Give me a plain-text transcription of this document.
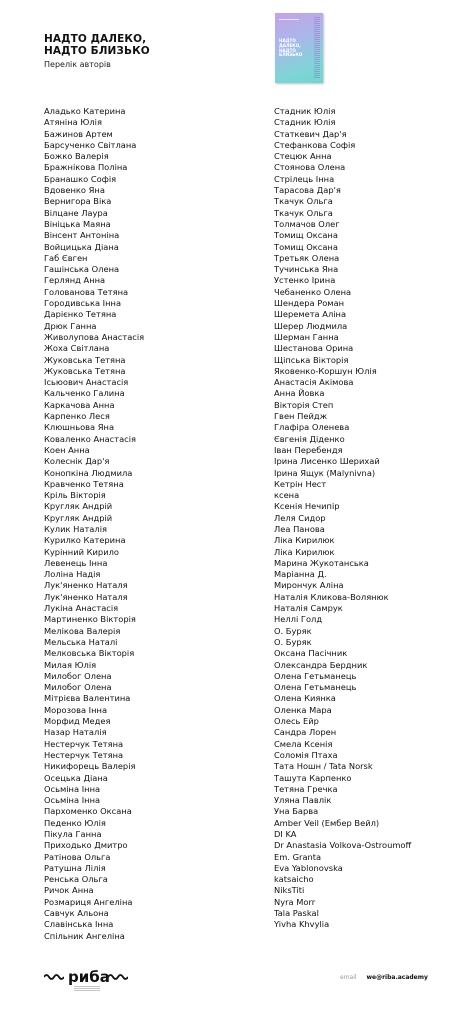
НАДТО ДАЛЕКО,
НАДТО БЛИЗЬКО
Перелік авторів
НАДТО ДАЛЕКО, НАДТО БЛИЗЬКО
Аладько Катерина
Атяніна Юлія
Бажинов Артем
Барсученко Світлана
Божко Валерія
Бражнікова Поліна
Бранашко Софія
Вдовенко Яна
Вернигора Віка
Вілцане Лаура
Вініцька Маяна
Вінсент Антоніна
Войцицька Діана
Габ Євген
Гашінська Олена
Герлянд Анна
Голованова Тетяна
Городивська Інна
Дарієнко Тетяна
Дрюк Ганна
Живолупова Анастасія
Жоха Світлана
Жуковська Тетяна
Жуковська Тетяна
Ісьюович Анастасія
Кальченко Галина
Каркачова Анна
Карпенко Леся
Клюшньова Яна
Коваленко Анастасія
Коен Анна
Колеснік Дар'я
Конопкіна Людмила
Кравченко Тетяна
Кріль Вікторія
Кругляк Андрій
Кругляк Андрій
Кулик Наталія
Курилко Катерина
Курінний Кирило
Левенець Інна
Лоліна Надія
Лук'яненко Наталя
Лук'яненко Наталя
Лукіна Анастасія
Мартиненко Вікторія
Мелікова Валерія
Мельська Наталі
Мелковська Вікторія
Милая Юлія
Милобог Олена
Милобог Олена
Мітрієва Валентина
Морозова Інна
Морфид Медея
Назар Наталія
Нестерчук Тетяна
Нестерчук Тетяна
Никифорець Валерія
Осецька Діана
Осьміна Інна
Осьміна Інна
Пархоменко Оксана
Педенко Юлія
Пікула Ганна
Приходько Дмитро
Ратінова Ольга
Ратушна Лілія
Ренська Ольга
Ричок Анна
Розмариця Ангеліна
Савчук Альона
Славінська Інна
Спільник Ангеліна
Стадник Юлія
Стадник Юлія
Статкевич Дар'я
Стефанкова Софія
Стецюк Анна
Стоянова Олена
Стрілець Інна
Тарасова Дар'я
Ткачук Ольга
Ткачук Ольга
Толмачов Олег
Томищ Оксана
Томищ Оксана
Третьяк Олена
Тучинська Яна
Устенко Ірина
Чебаненко Олена
Шендера Роман
Шереметa Аліна
Шерер Людмила
Шерман Ганна
Шестанова Орина
Щіпська Вікторія
Яковенко-Коршун Юлія
Анастасія Акімова
Анна Йовка
Вікторія Степ
Гвен Пейдж
Глафіра Оленева
Євгенія Діденко
Іван Перебендя
Ірина Лисенко Шерихай
Ірина Ящук (Malynivna)
Кетрін Нест
ксена
Ксенія Нечипір
Леля Сидор
Леа Панова
Ліка Кирилюк
Ліка Кирилюк
Марина Жукотанська
Маріанна Д.
Мирончук Аліна
Наталія Кликова-Волянюк
Наталія Самрук
Неллі Голд
О. Буряк
О. Буряк
Оксана Пасічник
Олександра Бердник
Олена Гетьманець
Олена Гетьманець
Олена Киянка
Оленка Мара
Олесь Ейр
Сандра Лорен
Смела Ксенія
Соломія Птаха
Тата Ношн / Tata Norsk
Ташута Карпенко
Тетяна Гречка
Уляна Павлік
Уна Барва
Amber Veil (Ембер Вейл)
DI KA
Dr Anastasia Volkova-Ostroumoff
Em. Granta
Eva Yablonovska
katsaicho
NiksTiti
Nyra Morr
Tala Paskal
Yivha Khvylia
риба	email we@riba.academy
